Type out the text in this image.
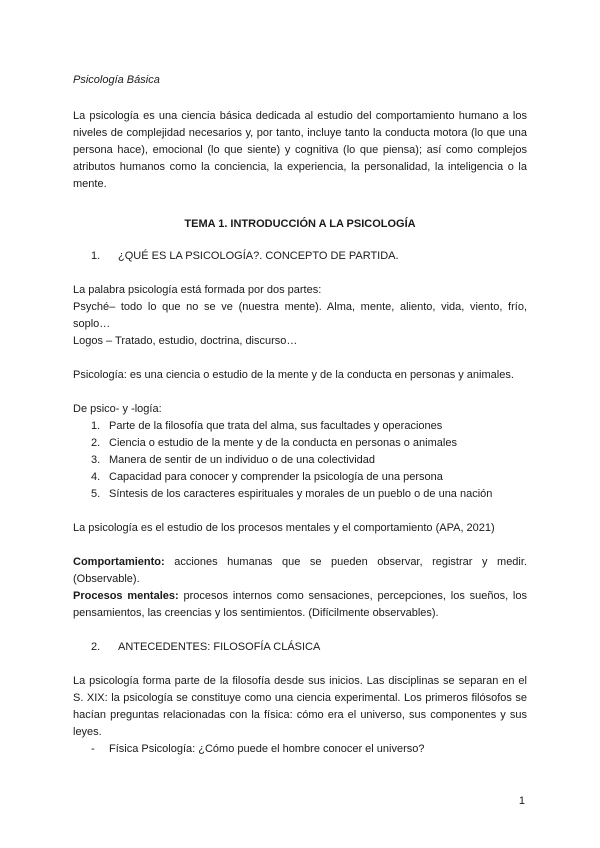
Psicología Básica

La psicología es una ciencia básica dedicada al estudio del comportamiento humano a los niveles de complejidad necesarios y, por tanto, incluye tanto la conducta motora (lo que una persona hace), emocional (lo que siente) y cognitiva (lo que piensa); así como complejos atributos humanos como la conciencia, la experiencia, la personalidad, la inteligencia o la mente.

TEMA 1. INTRODUCCIÓN A LA PSICOLOGÍA

1. ¿QUÉ ES LA PSICOLOGÍA?. CONCEPTO DE PARTIDA.

La palabra psicología está formada por dos partes:

Psyché– todo lo que no se ve (nuestra mente). Alma, mente, aliento, vida, viento, frío, soplo…

Logos – Tratado, estudio, doctrina, discurso…

Psicología: es una ciencia o estudio de la mente y de la conducta en personas y animales.

De psico- y -logía:

1. Parte de la filosofía que trata del alma, sus facultades y operaciones
2. Ciencia o estudio de la mente y de la conducta en personas o animales
3. Manera de sentir de un individuo o de una colectividad
4. Capacidad para conocer y comprender la psicología de una persona
5. Síntesis de los caracteres espirituales y morales de un pueblo o de una nación

La psicología es el estudio de los procesos mentales y el comportamiento (APA, 2021)

Comportamiento: acciones humanas que se pueden observar, registrar y medir. (Observable).

Procesos mentales: procesos internos como sensaciones, percepciones, los sueños, los pensamientos, las creencias y los sentimientos. (Difícilmente observables).

2. ANTECEDENTES: FILOSOFÍA CLÁSICA

La psicología forma parte de la filosofía desde sus inicios. Las disciplinas se separan en el S. XIX: la psicología se constituye como una ciencia experimental. Los primeros filósofos se hacían preguntas relacionadas con la física: cómo era el universo, sus componentes y sus leyes.

- Física Psicología: ¿Cómo puede el hombre conocer el universo?

1
